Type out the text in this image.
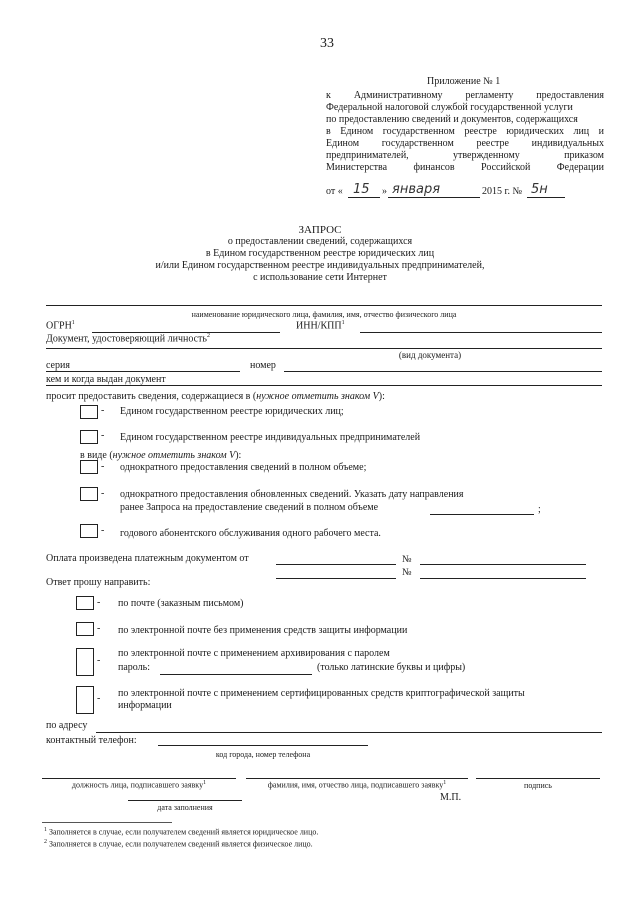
33
Приложение № 1
к Административному регламенту предоставления
Федеральной налоговой службой государственной услуги
по предоставлению сведений и документов, содержащихся
в Едином государственном реестре юридических лиц и
Едином государственном реестре индивидуальных
предпринимателей, утвержденному приказом
Министерства финансов Российской Федерации
от « 15 » января	2015 г. № 5н
ЗАПРОС
о предоставлении сведений, содержащихся
в Едином государственном реестре юридических лиц
и/или Едином государственном реестре индивидуальных предпринимателей,
с использование сети Интернет
наименование юридического лица, фамилия, имя, отчество физического лица
ОГРН$^1$	ИНН/КПП$^1$
Документ, удостоверяющий личность$^2$
(вид документа)
серия	номер
кем и когда выдан документ
просит предоставить сведения, содержащиеся в (нужное отметить знаком V):
- Едином государственном реестре юридических лиц;
- Едином государственном реестре индивидуальных предпринимателей
в виде (нужное отметить знаком V):
- однократного предоставления сведений в полном объеме;
- однократного предоставления обновленных сведений. Указать дату направления
ранее Запроса на предоставление сведений в полном объеме	;
- годового абонентского обслуживания одного рабочего места.
Оплата произведена платежным документом от	№
№
Ответ прошу направить:
- по почте (заказным письмом)
- по электронной почте без применения средств защиты информации
-
по электронной почте с применением архивирования с паролем
пароль:	(только латинские буквы и цифры)
- по электронной почте с применением сертифицированных средств криптографической защиты
информации
по адресу
контактный телефон:
код города, номер телефона
должность лица, подписавшего заявку$^1$	фамилия, имя, отчество лица, подписавшего заявку$^1$	подпись
М.П.
дата заполнения
$^1$ Заполняется в случае, если получателем сведений является юридическое лицо.
$^2$ Заполняется в случае, если получателем сведений является физическое лицо.
